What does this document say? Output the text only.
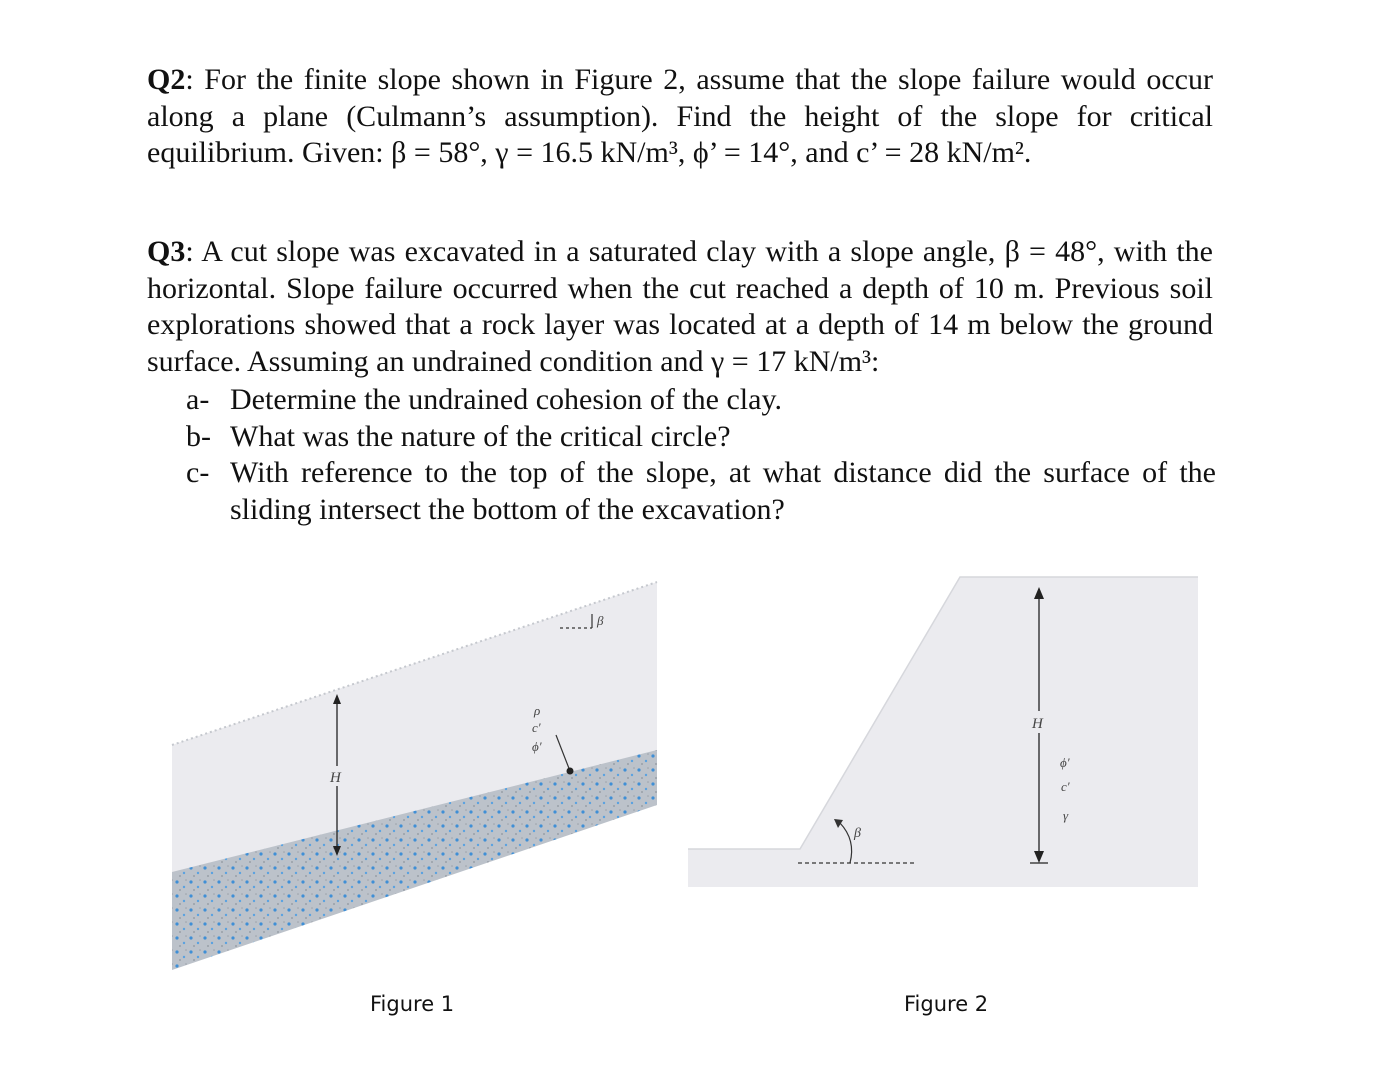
Q2: For the finite slope shown in Figure 2, assume that the slope failure would occur along a plane (Culmann’s assumption). Find the height of the slope for critical equilibrium. Given: β = 58°, γ = 16.5 kN/m³, ϕ’ = 14°, and c’ = 28 kN/m².

Q3: A cut slope was excavated in a saturated clay with a slope angle, β = 48°, with the horizontal. Slope failure occurred when the cut reached a depth of 10 m. Previous soil explorations showed that a rock layer was located at a depth of 14 m below the ground surface. Assuming an undrained condition and γ = 17 kN/m³:

a- Determine the undrained cohesion of the clay.
b- What was the nature of the critical circle?
c- With reference to the top of the slope, at what distance did the surface of the sliding intersect the bottom of the excavation?
H
β
ρ
c′
ϕ′
β
H
ϕ′
c′
γ
Figure 1	Figure 2
